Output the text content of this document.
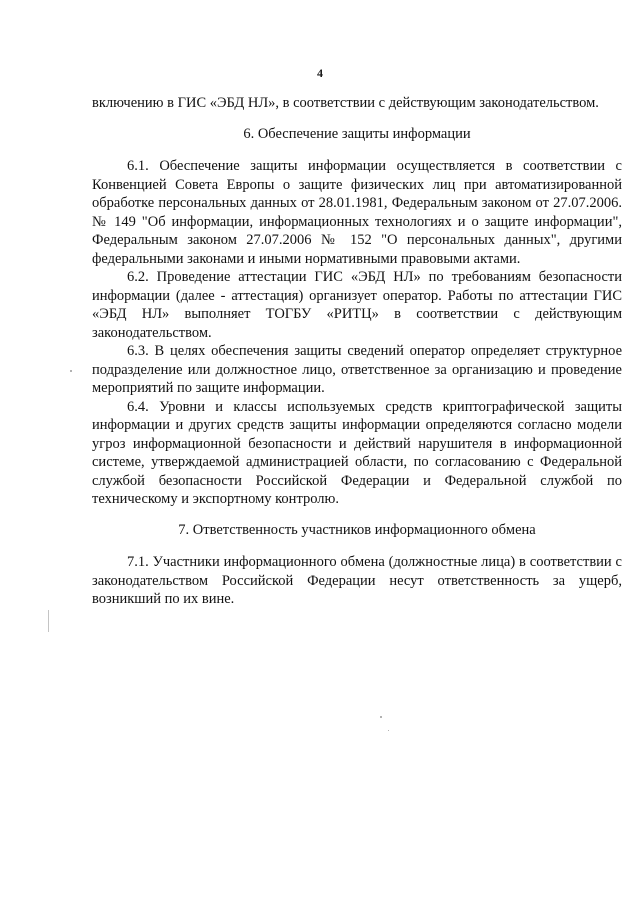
4

включению в ГИС «ЭБД НЛ», в соответствии с действующим законодательством.

6. Обеспечение защиты информации

6.1. Обеспечение защиты информации осуществляется в соответствии с Конвенцией Совета Европы о защите физических лиц при автоматизированной обработке персональных данных от 28.01.1981, Федеральным законом от 27.07.2006. № 149 "Об информации, информационных технологиях и о защите информации", Федеральным законом 27.07.2006 № 152 "О персональных данных", другими федеральными законами и иными нормативными правовыми актами.

6.2. Проведение аттестации ГИС «ЭБД НЛ» по требованиям безопасности информации (далее - аттестация) организует оператор. Работы по аттестации ГИС «ЭБД НЛ» выполняет ТОГБУ «РИТЦ» в соответствии с действующим законодательством.

6.3. В целях обеспечения защиты сведений оператор определяет структурное подразделение или должностное лицо, ответственное за организацию и проведение мероприятий по защите информации.

6.4. Уровни и классы используемых средств криптографической защиты информации и других средств защиты информации определяются согласно модели угроз информационной безопасности и действий нарушителя в информационной системе, утверждаемой администрацией области, по согласованию с Федеральной службой безопасности Российской Федерации и Федеральной службой по техническому и экспортному контролю.

7. Ответственность участников информационного обмена

7.1. Участники информационного обмена (должностные лица) в соответствии с законодательством Российской Федерации несут ответственность за ущерб, возникший по их вине.
